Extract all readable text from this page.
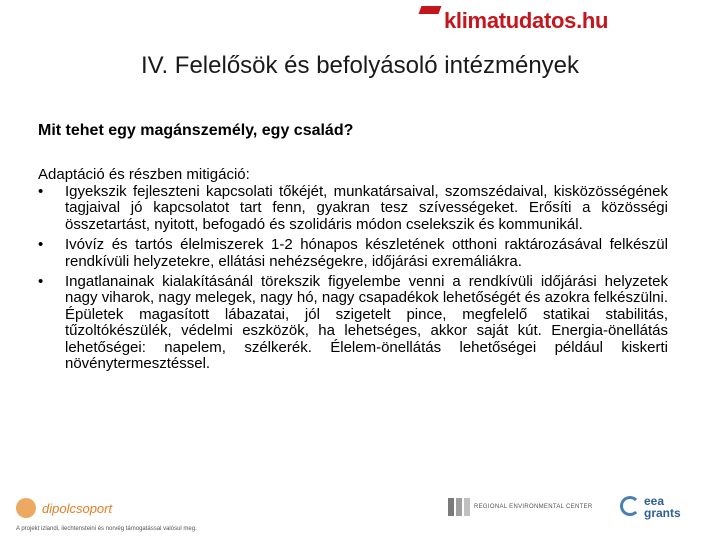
klimatudatos.hu
IV. Felelősök és befolyásoló intézmények
Mit tehet egy magánszemély, egy család?
Adaptáció és részben mitigáció:
• Igyekszik fejleszteni kapcsolati tőkéjét, munkatársaival, szomszédaival, kisközösségének tagjaival jó kapcsolatot tart fenn, gyakran tesz szívességeket. Erősíti a közösségi összetartást, nyitott, befogadó és szolidáris módon cselekszik és kommunikál.
• Ivóvíz és tartós élelmiszerek 1-2 hónapos készletének otthoni raktározásával felkészül rendkívüli helyzetekre, ellátási nehézségekre, időjárási exremáliákra.
• Ingatlanainak kialakításánál törekszik figyelembe venni a rendkívüli időjárási helyzetek nagy viharok, nagy melegek, nagy hó, nagy csapadékok lehetőségét és azokra felkészülni. Épületek magasított lábazatai, jól szigetelt pince, megfelelő statikai stabilitás, tűzoltókészülék, védelmi eszközök, ha lehetséges, akkor saját kút. Energia-önellátás lehetőségei: napelem, szélkerék. Élelem-önellátás lehetőségei például kiskerti növénytermesztéssel.
dipolcsoport
A projekt izlandi, liechtensteini és norvég támogatással valósul meg.
REGIONAL ENVIRONMENTAL CENTER	eea
grants
